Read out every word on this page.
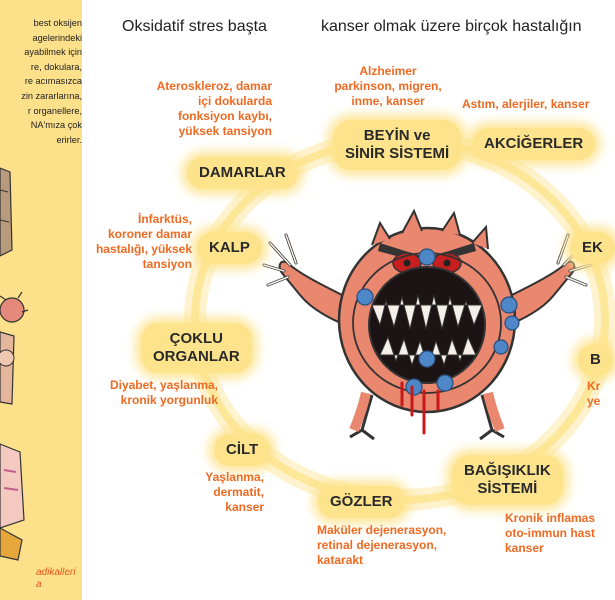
best oksijen
agelerindeki
ayabilmek için
re, dokulara,
re acımasızca
zin zararlarına,
r organellere,
NA'mıza çok
erirler.
adikalleri
a
Oksidatif stres başta	kanser olmak üzere birçok hastalığın
BEYİN ve
SİNİR SİSTEMİ
AKCİĞERLER
DAMARLAR
KALP	EK
ÇOKLU
ORGANLAR	B
CİLT
GÖZLER
BAĞIŞIKLIK
SİSTEMİ
Aterosklerоz, damar
içi dokularda
fonksiyon kaybı,
yüksek tansiyon
Alzheimer
parkinson, migren,
inme, kanser	Astım, alerjiler, kanser
İnfarktüs,
koroner damar
hastalığı, yüksek
tansiyon
Diyabet, yaşlanma,
kronik yorgunluk
Kr
ye
Yaşlanma,
dermatit,
kanser
Maküler dejenerasyon,
retinal dejenerasyon,
katarakt
Kronik inflamas
oto-immun hast
kanser
